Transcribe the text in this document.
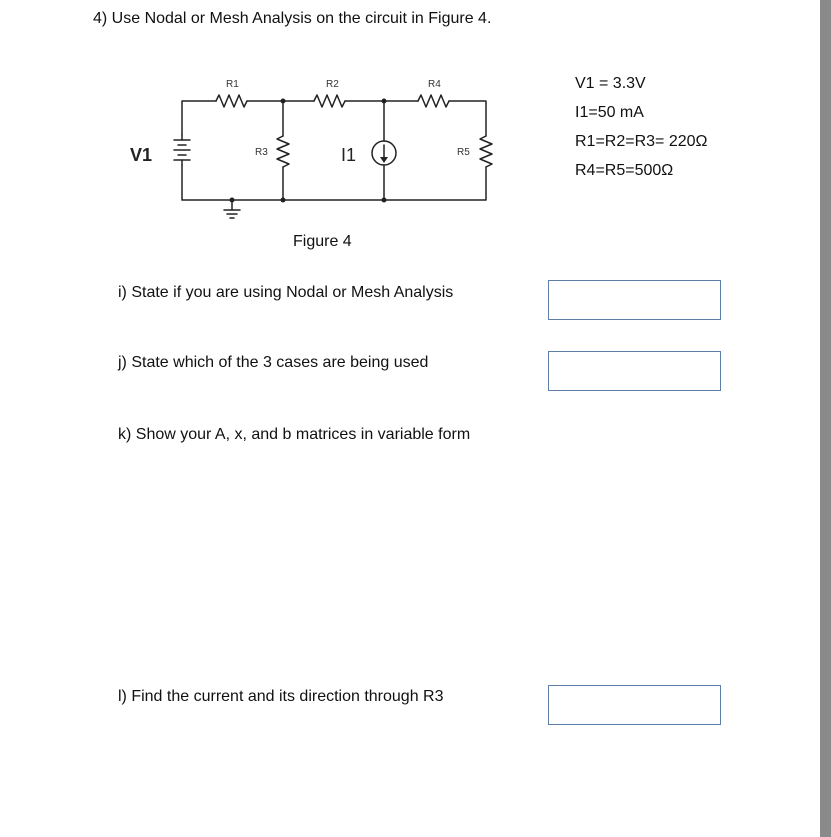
4) Use Nodal or Mesh Analysis on the circuit in Figure 4.
R1	R2	R4
R3	R5
V1	I1
Figure 4
V1 = 3.3V
I1=50 mA
R1=R2=R3= 220Ω
R4=R5=500Ω
i) State if you are using Nodal or Mesh Analysis
j) State which of the 3 cases are being used
k) Show your A, x, and b matrices in variable form
l) Find the current and its direction through R3
